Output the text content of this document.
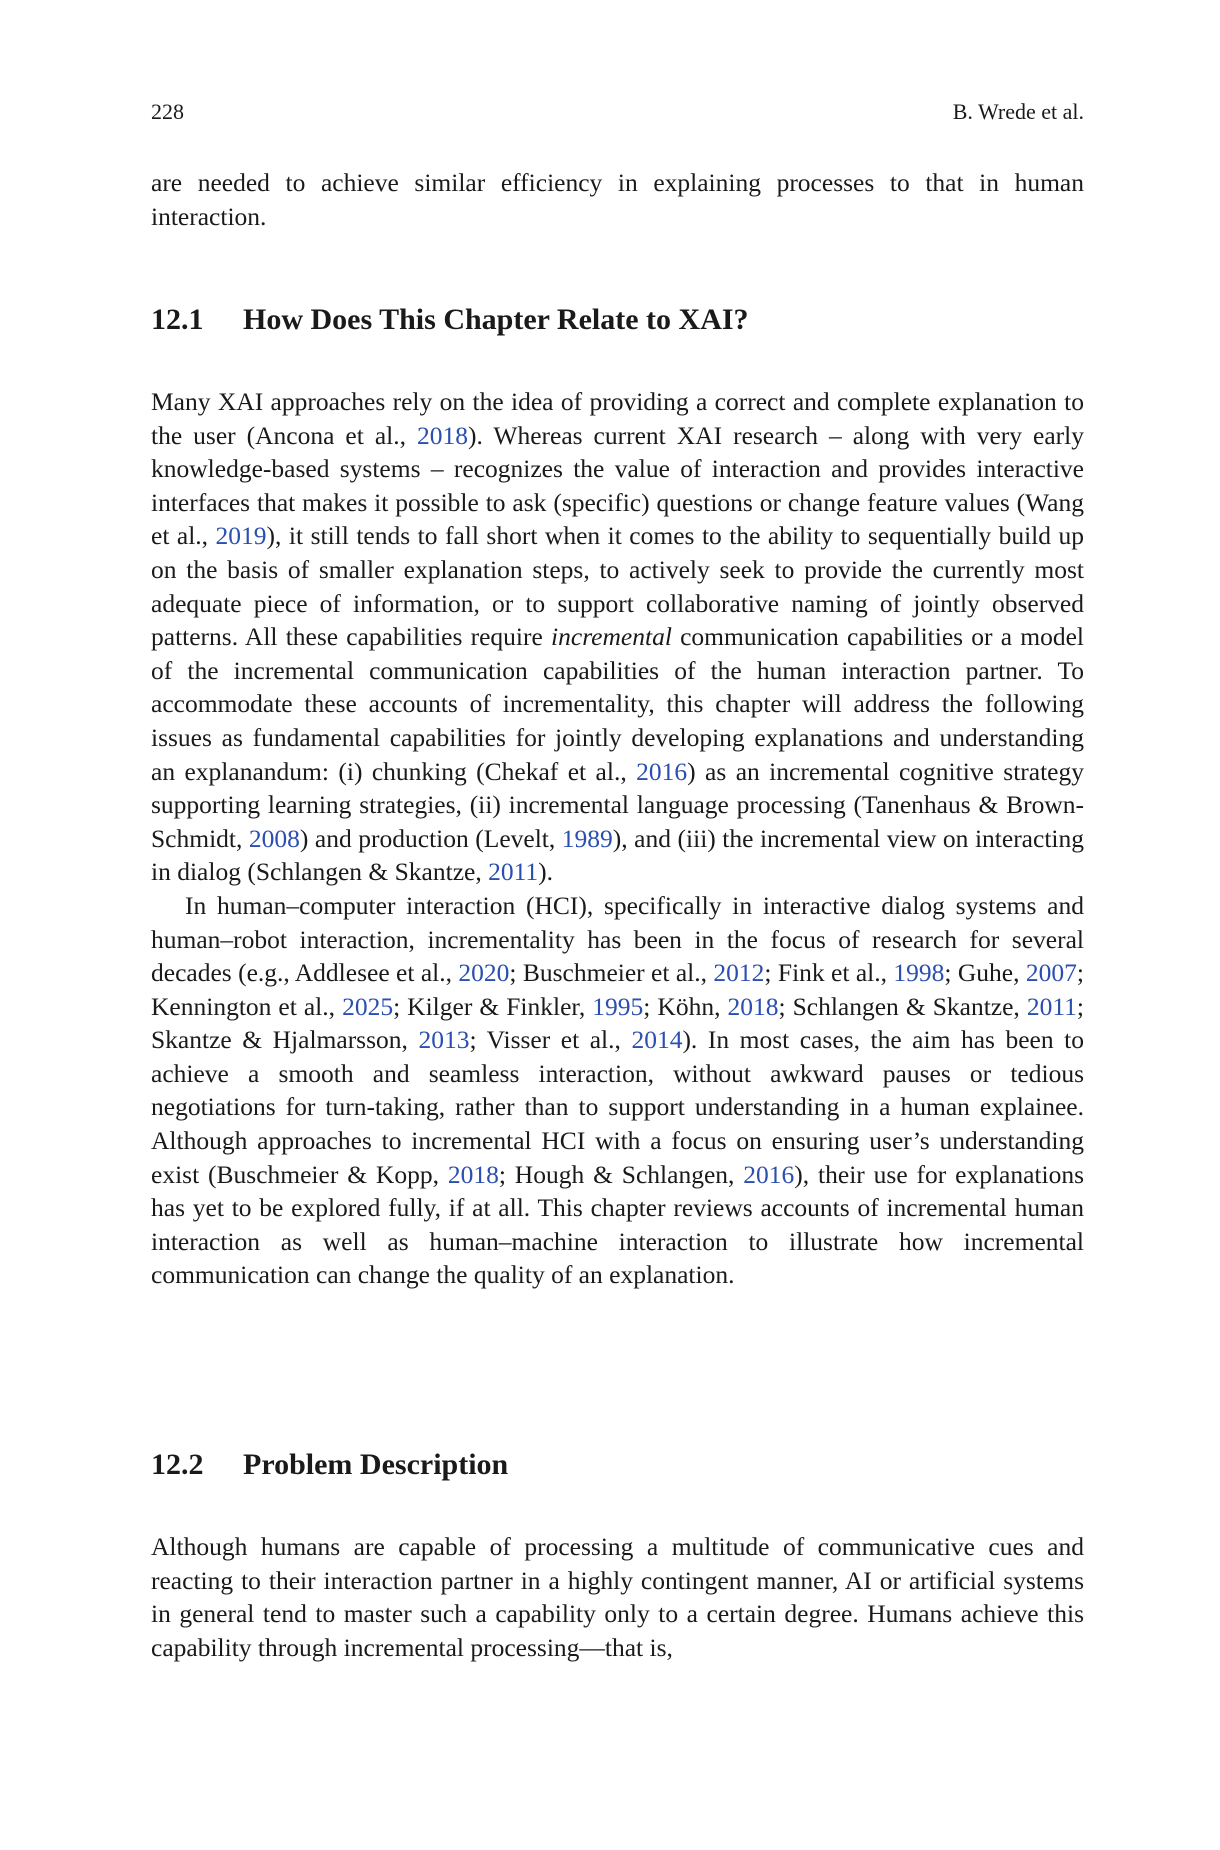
228	B. Wrede et al.

are needed to achieve similar efficiency in explaining processes to that in human interaction.

12.1 How Does This Chapter Relate to XAI?

Many XAI approaches rely on the idea of providing a correct and complete explanation to the user (Ancona et al., 2018). Whereas current XAI research – along with very early knowledge-based systems – recognizes the value of interaction and provides interactive interfaces that makes it possible to ask (specific) questions or change feature values (Wang et al., 2019), it still tends to fall short when it comes to the ability to sequentially build up on the basis of smaller explanation steps, to actively seek to provide the currently most adequate piece of information, or to support collaborative naming of jointly observed patterns. All these capabilities require incremental communication capabilities or a model of the incremental communication capabilities of the human interaction partner. To accommodate these accounts of incrementality, this chapter will address the following issues as fundamental capabilities for jointly developing explanations and understanding an explanandum: (i) chunking (Chekaf et al., 2016) as an incremental cognitive strategy supporting learning strategies, (ii) incremental language processing (Tanenhaus & Brown-Schmidt, 2008) and production (Levelt, 1989), and (iii) the incremental view on interacting in dialog (Schlangen & Skantze, 2011).

In human–computer interaction (HCI), specifically in interactive dialog systems and human–robot interaction, incrementality has been in the focus of research for several decades (e.g., Addlesee et al., 2020; Buschmeier et al., 2012; Fink et al., 1998; Guhe, 2007; Kennington et al., 2025; Kilger & Finkler, 1995; Köhn, 2018; Schlangen & Skantze, 2011; Skantze & Hjalmarsson, 2013; Visser et al., 2014). In most cases, the aim has been to achieve a smooth and seamless interaction, without awkward pauses or tedious negotiations for turn-taking, rather than to support understanding in a human explainee. Although approaches to incremental HCI with a focus on ensuring user’s understanding exist (Buschmeier & Kopp, 2018; Hough & Schlangen, 2016), their use for explanations has yet to be explored fully, if at all. This chapter reviews accounts of incremental human interaction as well as human–machine interaction to illustrate how incremental communication can change the quality of an explanation.

12.2 Problem Description

Although humans are capable of processing a multitude of communicative cues and reacting to their interaction partner in a highly contingent manner, AI or artificial systems in general tend to master such a capability only to a certain degree. Humans achieve this capability through incremental processing—that is,
